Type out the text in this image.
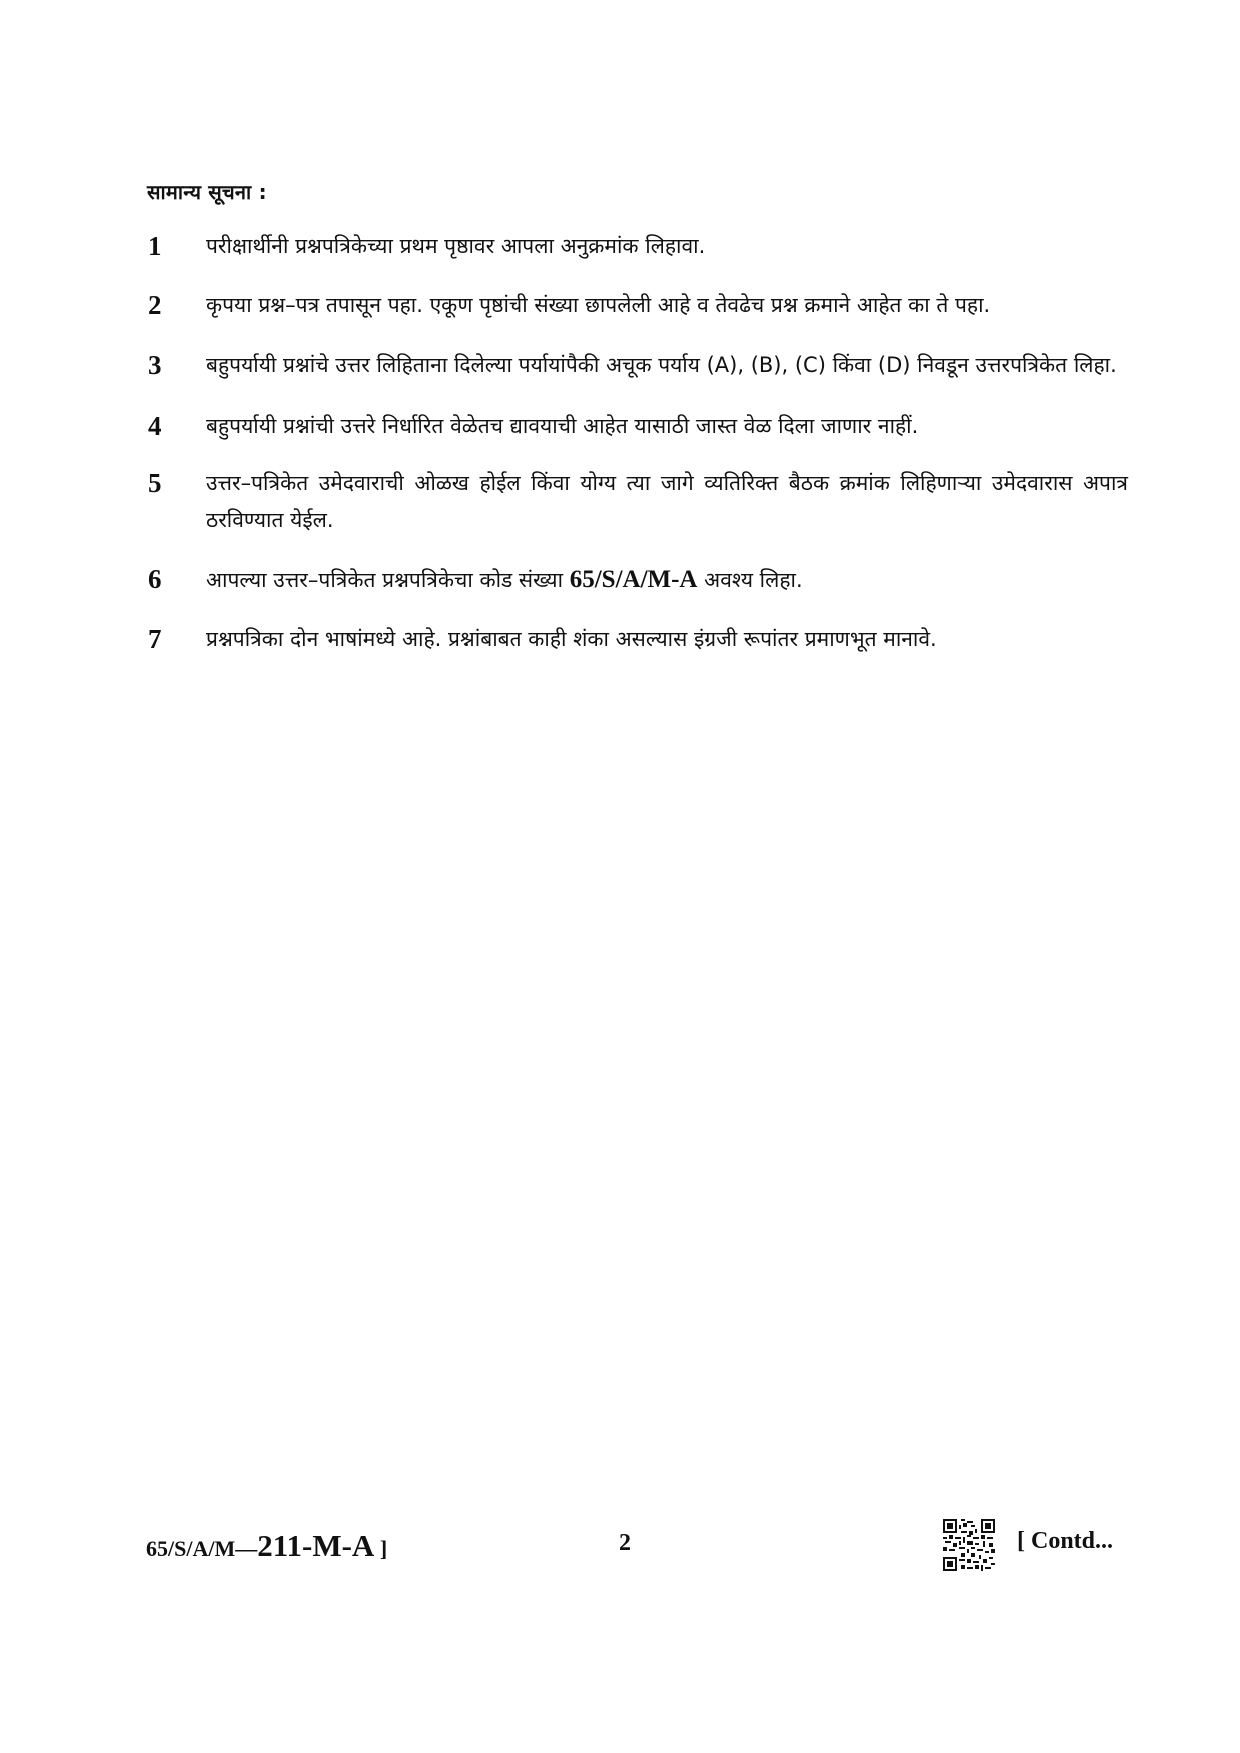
सामान्य सूचना :
1	परीक्षार्थीनी प्रश्नपत्रिकेच्या प्रथम पृष्ठावर आपला अनुक्रमांक लिहावा.
2	कृपया प्रश्न–पत्र तपासून पहा. एकूण पृष्ठांची संख्या छापलेली आहे व तेवढेच प्रश्न क्रमाने आहेत का ते पहा.
3	बहुपर्यायी प्रश्नांचे उत्तर लिहिताना दिलेल्या पर्यायांपैकी अचूक पर्याय (A), (B), (C) किंवा (D) निवडून उत्तरपत्रिकेत लिहा.
4	बहुपर्यायी प्रश्नांची उत्तरे निर्धारित वेळेतच द्यावयाची आहेत यासाठी जास्त वेळ दिला जाणार नाहीं.
5	उत्तर–पत्रिकेत उमेदवाराची ओळख होईल किंवा योग्य त्या जागे व्यतिरिक्त बैठक क्रमांक लिहिणाऱ्या उमेदवारास अपात्र ठरविण्यात येईल.
6	आपल्या उत्तर–पत्रिकेत प्रश्नपत्रिकेचा कोड संख्या 65/S/A/M-A अवश्य लिहा.
7	प्रश्नपत्रिका दोन भाषांमध्ये आहे. प्रश्नांबाबत काही शंका असल्यास इंग्रजी रूपांतर प्रमाणभूत मानावे.
65/S/A/M—211-M-A ]	2	[ Contd...
